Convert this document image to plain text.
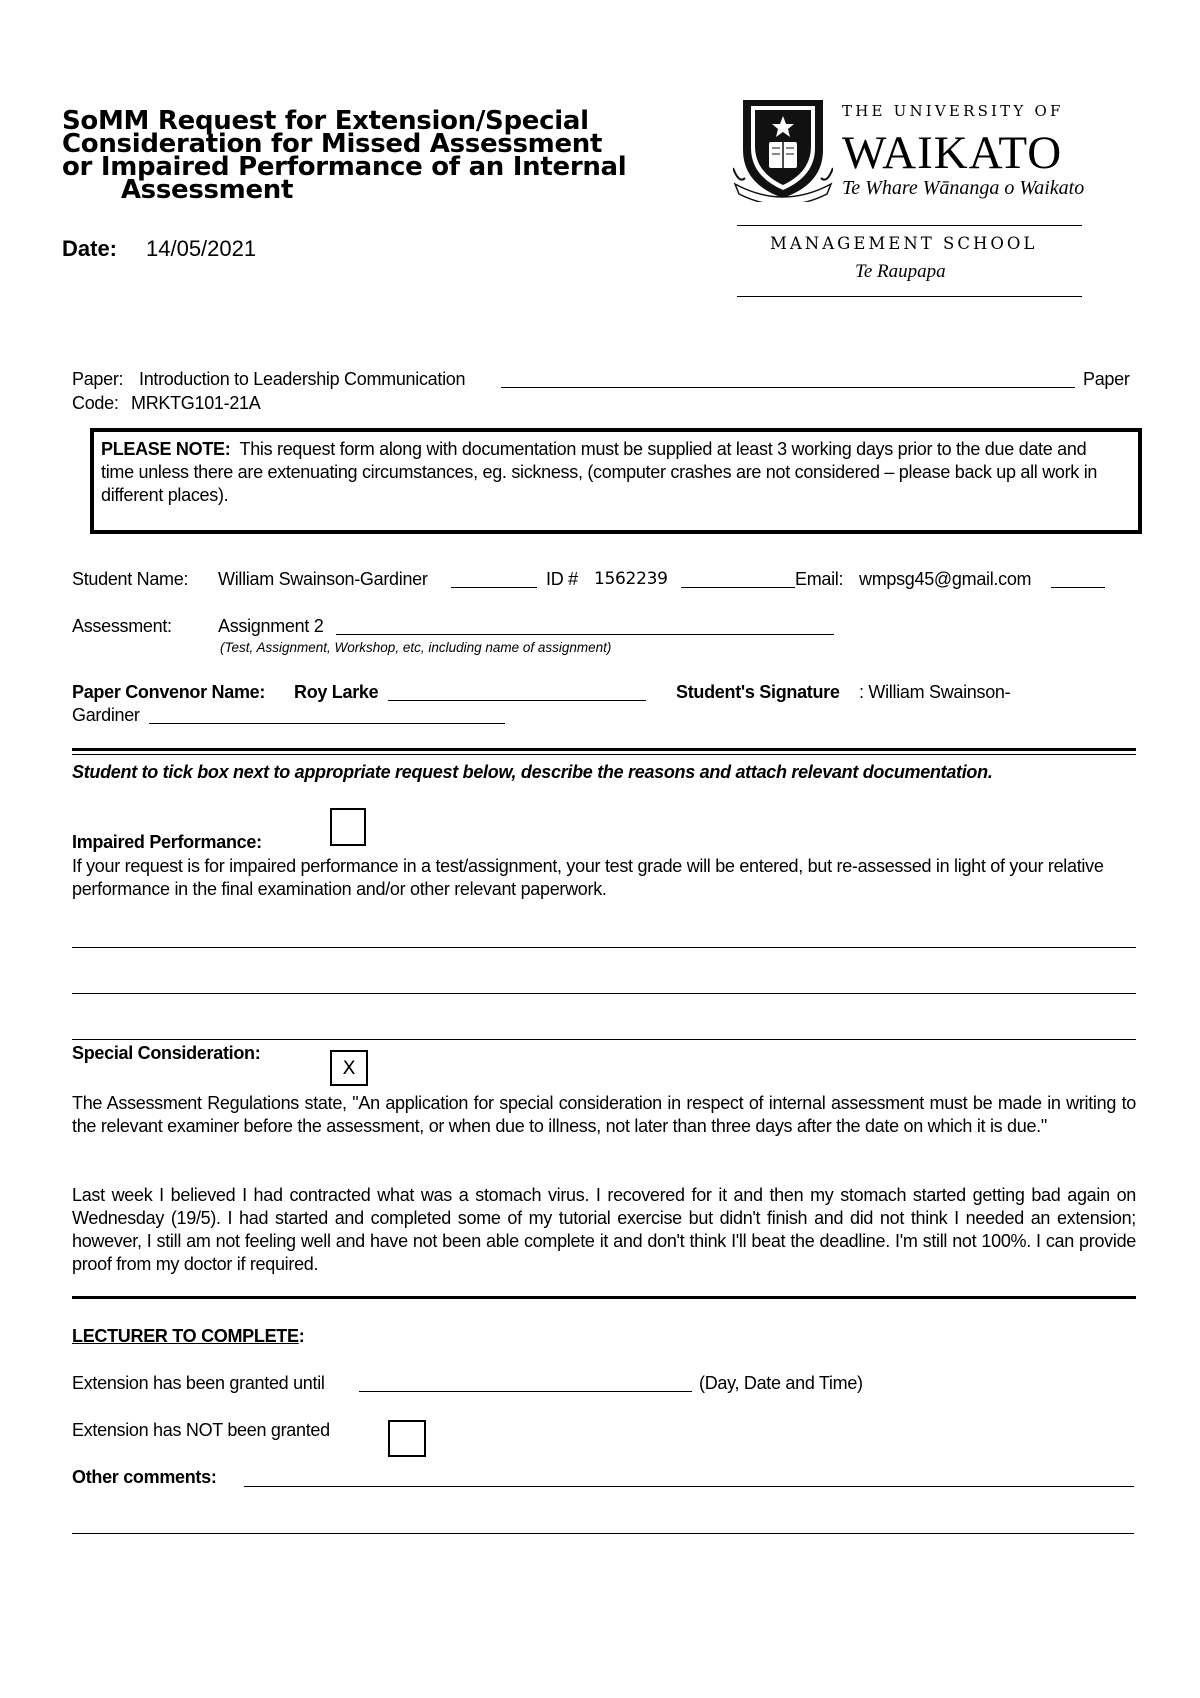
SoMM Request for Extension/Special
Consideration for Missed Assessment
or Impaired Performance of an Internal
Assessment
Date: 14/05/2021
THE UNIVERSITY OF
WAIKATO
Te Whare Wānanga o Waikato
MANAGEMENT SCHOOL
Te Raupapa
Paper: Introduction to Leadership Communication	Paper
Code: MRKTG101-21A
PLEASE NOTE: This request form along with documentation must be supplied at least 3 working days prior to the due date and time unless there are extenuating circumstances, eg. sickness, (computer crashes are not considered – please back up all work in different places).
Student Name: William Swainson-Gardiner	ID # 1562239	Email: wmpsg45@gmail.com
Assessment:	Assignment 2
(Test, Assignment, Workshop, etc, including name of assignment)
Paper Convenor Name: Roy Larke	Student's Signature : William Swainson-
Gardiner
Student to tick box next to appropriate request below, describe the reasons and attach relevant documentation.
Impaired Performance:
If your request is for impaired performance in a test/assignment, your test grade will be entered, but re-assessed in light of your relative performance in the final examination and/or other relevant paperwork.
Special Consideration:
X
The Assessment Regulations state, "An application for special consideration in respect of internal assessment must be made in writing to the relevant examiner before the assessment, or when due to illness, not later than three days after the date on which it is due."
Last week I believed I had contracted what was a stomach virus. I recovered for it and then my stomach started getting bad again on Wednesday (19/5). I had started and completed some of my tutorial exercise but didn't finish and did not think I needed an extension; however, I still am not feeling well and have not been able complete it and don't think I'll beat the deadline. I'm still not 100%. I can provide proof from my doctor if required.
LECTURER TO COMPLETE:
Extension has been granted until	(Day, Date and Time)
Extension has NOT been granted
Other comments:
